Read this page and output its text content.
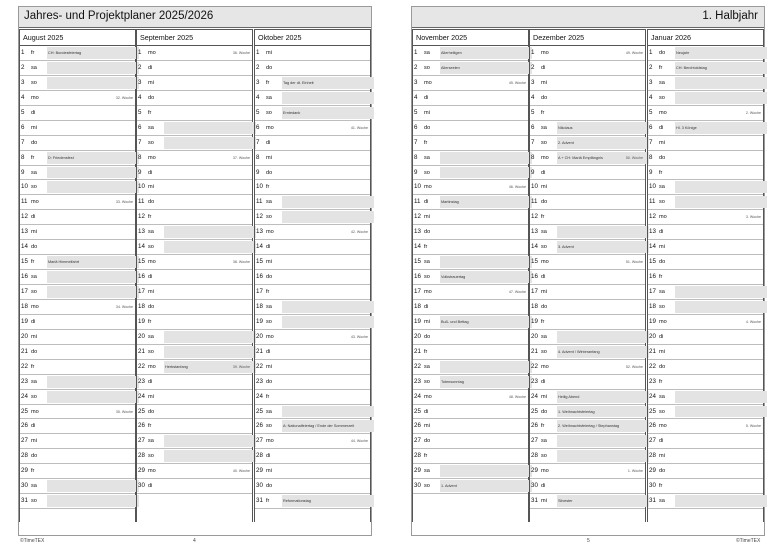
Jahres- und Projektplaner 2025/2026
August 2025
1	fr	CH: Bundesfeiertag
2	sa
3	so
4	mo	32. Woche
5	di
6	mi
7	do
8	fr	D: Friedensfest
9	sa
10 so
11 mo	33. Woche
12 di
13 mi
14 do
15 fr	Mariä Himmelfahrt
16 sa
17 so
18 mo	34. Woche
19 di
20 mi
21 do
22 fr
23 sa
24 so
25 mo	35. Woche
26 di
27 mi
28 do
29 fr
30 sa
31 so
September 2025
1	mo	36. Woche
2	di
3	mi
4	do
5	fr
6	sa
7	so
8	mo	37. Woche
9	di
10 mi
11 do
12 fr
13 sa
14 so
15 mo	38. Woche
16 di
17 mi
18 do
19 fr
20 sa
21 so
22 mo	Herbstanfang	39. Woche
23 di
24 mi
25 do
26 fr
27 sa
28 so
29 mo	40. Woche
30 di
Oktober 2025
1	mi
2	do
3	fr	Tag der dt. Einheit
4	sa
5	so	Erntedank
6	mo	41. Woche
7	di
8	mi
9	do
10 fr
11 sa
12 so
13 mo	42. Woche
14 di
15 mi
16 do
17 fr
18 sa
19 so
20 mo	43. Woche
21 di
22 mi
23 do
24 fr
25 sa
26 so	A: Nationalfeiertag / Ende der Sommerzeit
27 mo	44. Woche
28 di
29 mi
30 do
31 fr	Reformationstag
1. Halbjahr
November 2025
1	sa	Allerheiligen
2	so	Allerseelen
3	mo	45. Woche
4	di
5	mi
6	do
7	fr
8	sa
9	so
10 mo	46. Woche
11 di	Martinstag
12 mi
13 do
14 fr
15 sa
16 so	Volkstrauertag
17 mo	47. Woche
18 di
19 mi	Buß- und Bettag
20 do
21 fr
22 sa
23 so	Totensonntag
24 mo	48. Woche
25 di
26 mi
27 do
28 fr
29 sa
30 so	1. Advent
Dezember 2025
1	mo	49. Woche
2	di
3	mi
4	do
5	fr
6	sa	Nikolaus
7	so	2. Advent
8	mo	A + CH: Mariä Empfängnis	50. Woche
9	di
10 mi
11 do
12 fr
13 sa
14 so	3. Advent
15 mo	51. Woche
16 di
17 mi
18 do
19 fr
20 sa
21 so	4. Advent / Winteranfang
22 mo	52. Woche
23 di
24 mi	Heilig Abend
25 do	1. Weihnachtsfeiertag
26 fr	2. Weihnachtsfeiertag / Stephanstag
27 sa
28 so
29 mo	1. Woche
30 di
31 mi	Silvester
Januar 2026
1	do	Neujahr
2	fr	CH: Berchtoldstag
3	sa
4	so
5	mo	2. Woche
6	di	Hl. 3 Könige
7	mi
8	do
9	fr
10 sa
11 so
12 mo	3. Woche
13 di
14 mi
15 do
16 fr
17 sa
18 so
19 mo	4. Woche
20 di
21 mi
22 do
23 fr
24 sa
25 so
26 mo	5. Woche
27 di
28 mi
29 do
30 fr
31 sa
©TimeTEX	4	5	©TimeTEX
